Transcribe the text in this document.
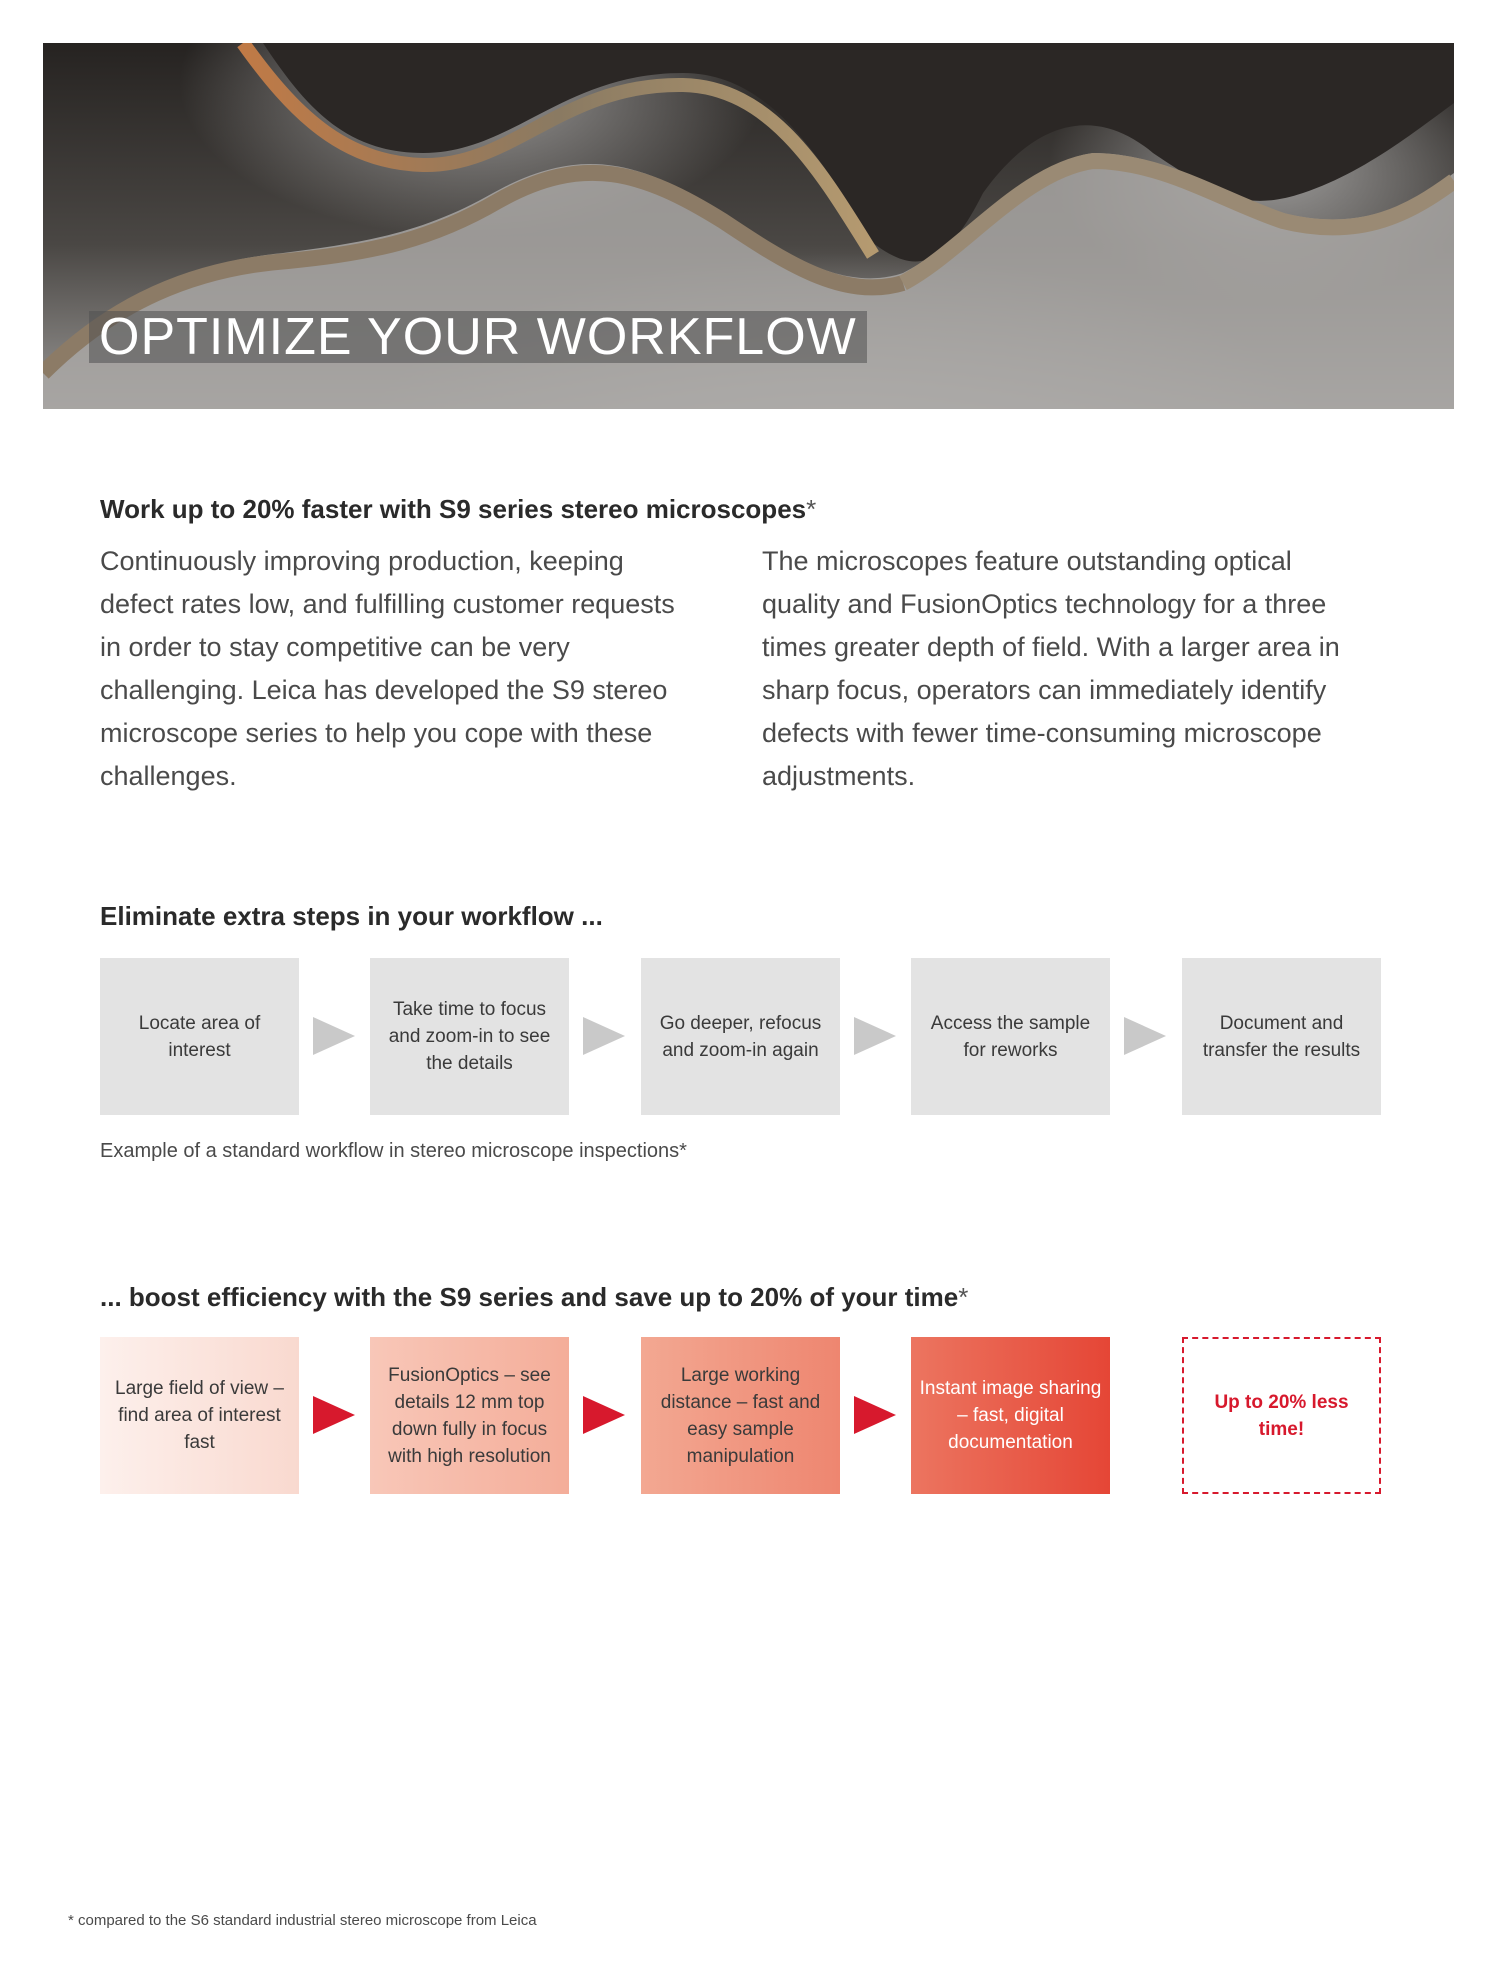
OPTIMIZE YOUR WORKFLOW
Work up to 20% faster with S9 series stereo microscopes*
Continuously improving production, keeping defect rates low, and fulfilling customer requests in order to stay competitive can be very challenging. Leica has developed the S9 stereo microscope series to help you cope with these challenges.
The microscopes feature outstanding optical quality and FusionOptics technology for a three times greater depth of field. With a larger area in sharp focus, operators can immediately identify defects with fewer time-consuming microscope adjustments.
Eliminate extra steps in your workflow ...
Locate area of interest
Take time to focus and zoom-in to see the details
Go deeper, refocus and zoom-in again
Access the sample for reworks
Document and transfer the results
Example of a standard workflow in stereo microscope inspections*
... boost efficiency with the S9 series and save up to 20% of your time*
Large field of view – find area of interest fast
FusionOptics – see details 12 mm top down fully in focus with high resolution
Large working distance – fast and easy sample manipulation
Instant image sharing – fast, digital documentation
Up to 20% less time!
* compared to the S6 standard industrial stereo microscope from Leica
